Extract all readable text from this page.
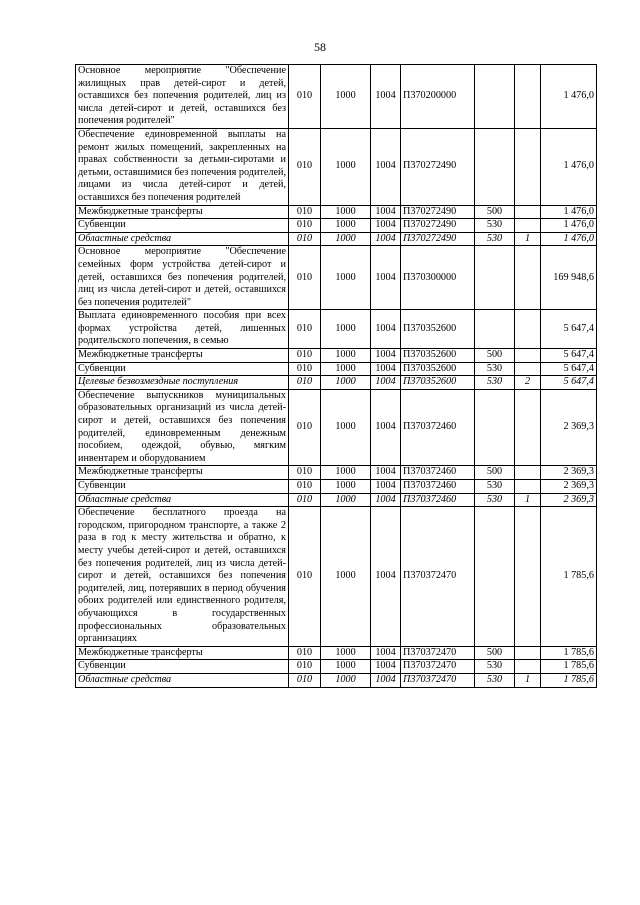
58
Основное мероприятие "Обеспечение жилищных прав детей-сирот и детей, оставшихся без попечения родителей, лиц из числа детей-сирот и детей, оставшихся без попечения родителей"	010	1000	1004	П370200000			1 476,0
Обеспечение единовременной выплаты на ремонт жилых помещений, закрепленных на правах собственности за детьми-сиротами и детьми, оставшимися без попечения родителей, лицами из числа детей-сирот и детей, оставшихся без попечения родителей	010	1000	1004	П370272490			1 476,0
Межбюджетные трансферты	010	1000	1004	П370272490	500		1 476,0
Субвенции	010	1000	1004	П370272490	530		1 476,0
Областные средства	010	1000	1004	П370272490	530	1	1 476,0
Основное мероприятие "Обеспечение семейных форм устройства детей-сирот и детей, оставшихся без попечения родителей, лиц из числа детей-сирот и детей, оставшихся без попечения родителей"	010	1000	1004	П370300000			169 948,6
Выплата единовременного пособия при всех формах устройства детей, лишенных родительского попечения, в семью	010	1000	1004	П370352600			5 647,4
Межбюджетные трансферты	010	1000	1004	П370352600	500		5 647,4
Субвенции	010	1000	1004	П370352600	530		5 647,4
Целевые безвозмездные поступления	010	1000	1004	П370352600	530	2	5 647,4
Обеспечение выпускников муниципальных образовательных организаций из числа детей-сирот и детей, оставшихся без попечения родителей, единовременным денежным пособием, одеждой, обувью, мягким инвентарем и оборудованием	010	1000	1004	П370372460			2 369,3
Межбюджетные трансферты	010	1000	1004	П370372460	500		2 369,3
Субвенции	010	1000	1004	П370372460	530		2 369,3
Областные средства	010	1000	1004	П370372460	530	1	2 369,3
Обеспечение бесплатного проезда на городском, пригородном транспорте, а также 2 раза в год к месту жительства и обратно, к месту учебы детей-сирот и детей, оставшихся без попечения родителей, лиц из числа детей-сирот и детей, оставшихся без попечения родителей, лиц, потерявших в период обучения обоих родителей или единственного родителя, обучающихся в государственных профессиональных образовательных организациях	010	1000	1004	П370372470			1 785,6
Межбюджетные трансферты	010	1000	1004	П370372470	500		1 785,6
Субвенции	010	1000	1004	П370372470	530		1 785,6
Областные средства	010	1000	1004	П370372470	530	1	1 785,6
